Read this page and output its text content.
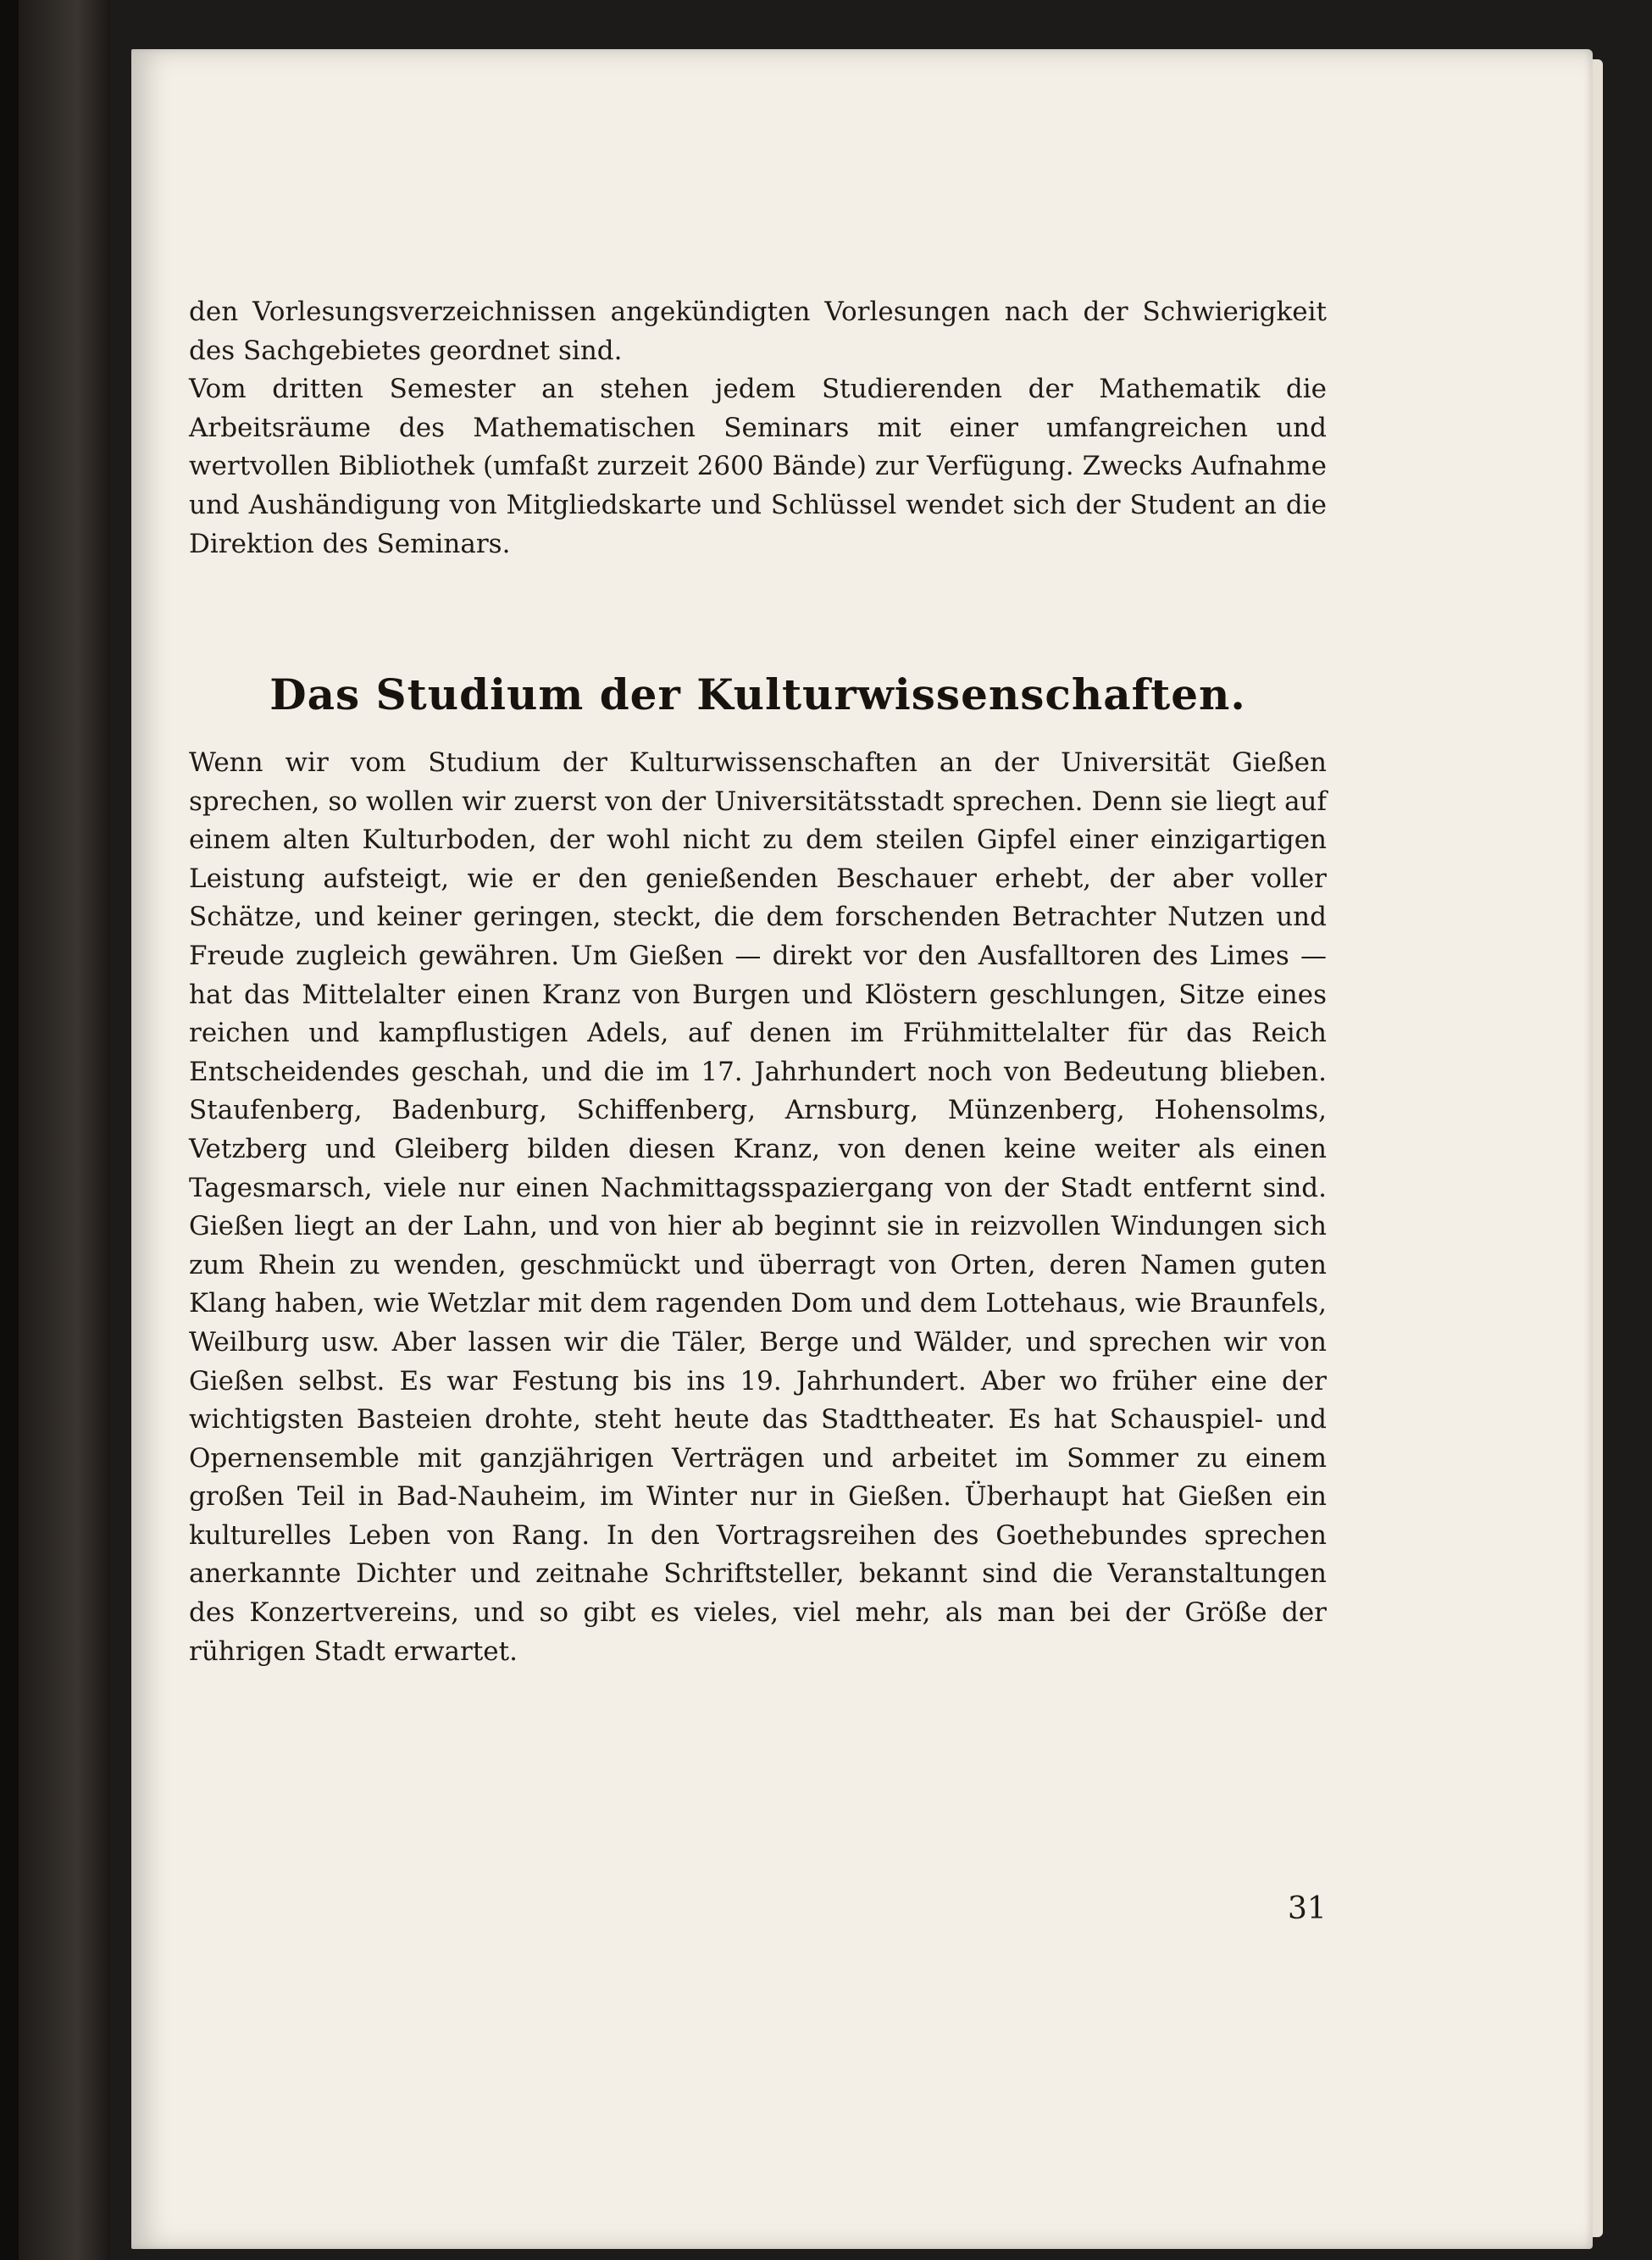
den Vorlesungsverzeichnissen angekündigten Vorlesungen nach der Schwierigkeit des Sachgebietes geordnet sind.

Vom dritten Semester an stehen jedem Studierenden der Mathematik die Arbeitsräume des Mathematischen Seminars mit einer umfangreichen und wertvollen Bibliothek (umfaßt zurzeit 2600 Bände) zur Verfügung. Zwecks Aufnahme und Aushändigung von Mitgliedskarte und Schlüssel wendet sich der Student an die Direktion des Seminars.

Das Studium der Kulturwissenschaften.

Wenn wir vom Studium der Kulturwissenschaften an der Universität Gießen sprechen, so wollen wir zuerst von der Universitätsstadt sprechen. Denn sie liegt auf einem alten Kulturboden, der wohl nicht zu dem steilen Gipfel einer einzigartigen Leistung aufsteigt, wie er den genießenden Beschauer erhebt, der aber voller Schätze, und keiner geringen, steckt, die dem forschenden Betrachter Nutzen und Freude zugleich gewähren. Um Gießen — direkt vor den Ausfalltoren des Limes — hat das Mittelalter einen Kranz von Burgen und Klöstern geschlungen, Sitze eines reichen und kampflustigen Adels, auf denen im Frühmittelalter für das Reich Entscheidendes geschah, und die im 17. Jahrhundert noch von Bedeutung blieben. Staufenberg, Badenburg, Schiffenberg, Arnsburg, Münzenberg, Hohensolms, Vetzberg und Gleiberg bilden diesen Kranz, von denen keine weiter als einen Tagesmarsch, viele nur einen Nachmittagsspaziergang von der Stadt entfernt sind. Gießen liegt an der Lahn, und von hier ab beginnt sie in reizvollen Windungen sich zum Rhein zu wenden, geschmückt und überragt von Orten, deren Namen guten Klang haben, wie Wetzlar mit dem ragenden Dom und dem Lottehaus, wie Braunfels, Weilburg usw. Aber lassen wir die Täler, Berge und Wälder, und sprechen wir von Gießen selbst. Es war Festung bis ins 19. Jahrhundert. Aber wo früher eine der wichtigsten Basteien drohte, steht heute das Stadttheater. Es hat Schauspiel- und Opernensemble mit ganzjährigen Verträgen und arbeitet im Sommer zu einem großen Teil in Bad-Nauheim, im Winter nur in Gießen. Überhaupt hat Gießen ein kulturelles Leben von Rang. In den Vortragsreihen des Goethebundes sprechen anerkannte Dichter und zeitnahe Schriftsteller, bekannt sind die Veranstaltungen des Konzertvereins, und so gibt es vieles, viel mehr, als man bei der Größe der rührigen Stadt erwartet.

31
